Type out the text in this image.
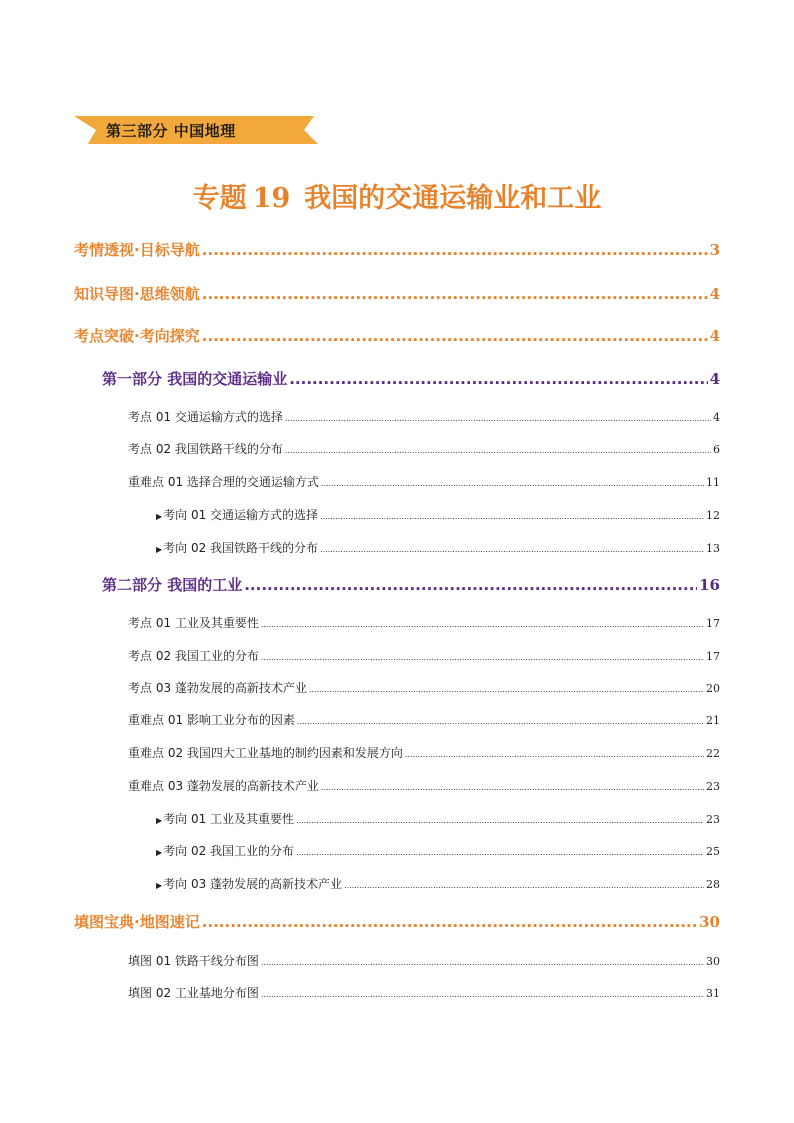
第三部分 中国地理
专题 19 我国的交通运输业和工业
考情透视·目标导航 .....	3
知识导图·思维领航 .....	4
考点突破·考向探究 .....	4
第一部分 我国的交通运输业 .....	4
考点 01 交通运输方式的选择 .....	4
考点 02 我国铁路干线的分布 .....	6
重难点 01 选择合理的交通运输方式 .....	11
▶考向 01 交通运输方式的选择 .....	12
▶考向 02 我国铁路干线的分布 .....	13
第二部分 我国的工业 .....	16
考点 01 工业及其重要性 .....	17
考点 02 我国工业的分布 .....	17
考点 03 蓬勃发展的高新技术产业 .....	20
重难点 01 影响工业分布的因素 .....	21
重难点 02 我国四大工业基地的制约因素和发展方向 .....	22
重难点 03 蓬勃发展的高新技术产业 .....	23
▶考向 01 工业及其重要性 .....	23
▶考向 02 我国工业的分布 .....	25
▶考向 03 蓬勃发展的高新技术产业 .....	28
填图宝典·地图速记 .....	30
填图 01 铁路干线分布图 .....	30
填图 02 工业基地分布图 .....	31
